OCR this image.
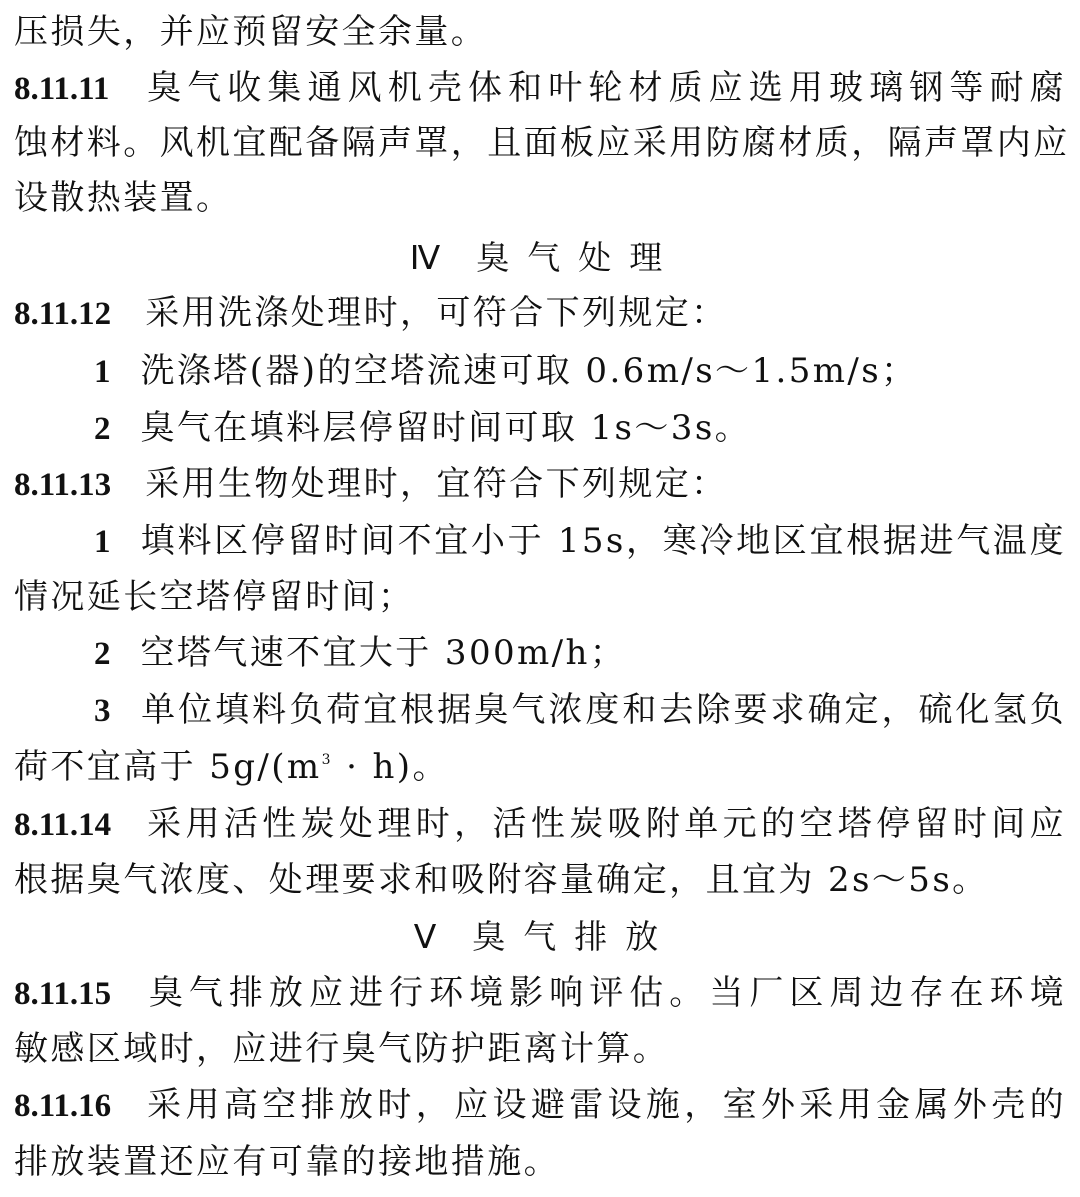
压损失，并应预留安全余量。
8.11.11 臭气收集通风机壳体和叶轮材质应选用玻璃钢等耐腐
蚀材料。风机宜配备隔声罩，且面板应采用防腐材质，隔声罩内应
设散热装置。
Ⅳ 臭气处理
8.11.12 采用洗涤处理时，可符合下列规定：
1 洗涤塔(器)的空塔流速可取 0.6m/s～1.5m/s；
2 臭气在填料层停留时间可取 1s～3s。
8.11.13 采用生物处理时，宜符合下列规定：
1 填料区停留时间不宜小于 15s，寒冷地区宜根据进气温度
情况延长空塔停留时间；
2 空塔气速不宜大于 300m/h；
3 单位填料负荷宜根据臭气浓度和去除要求确定，硫化氢负
荷不宜高于 $5g/(m^3 \cdot h)$。
8.11.14 采用活性炭处理时，活性炭吸附单元的空塔停留时间应
根据臭气浓度、处理要求和吸附容量确定，且宜为 2s～5s。
Ⅴ 臭气排放
8.11.15 臭气排放应进行环境影响评估。当厂区周边存在环境
敏感区域时，应进行臭气防护距离计算。
8.11.16 采用高空排放时，应设避雷设施，室外采用金属外壳的
排放装置还应有可靠的接地措施。
